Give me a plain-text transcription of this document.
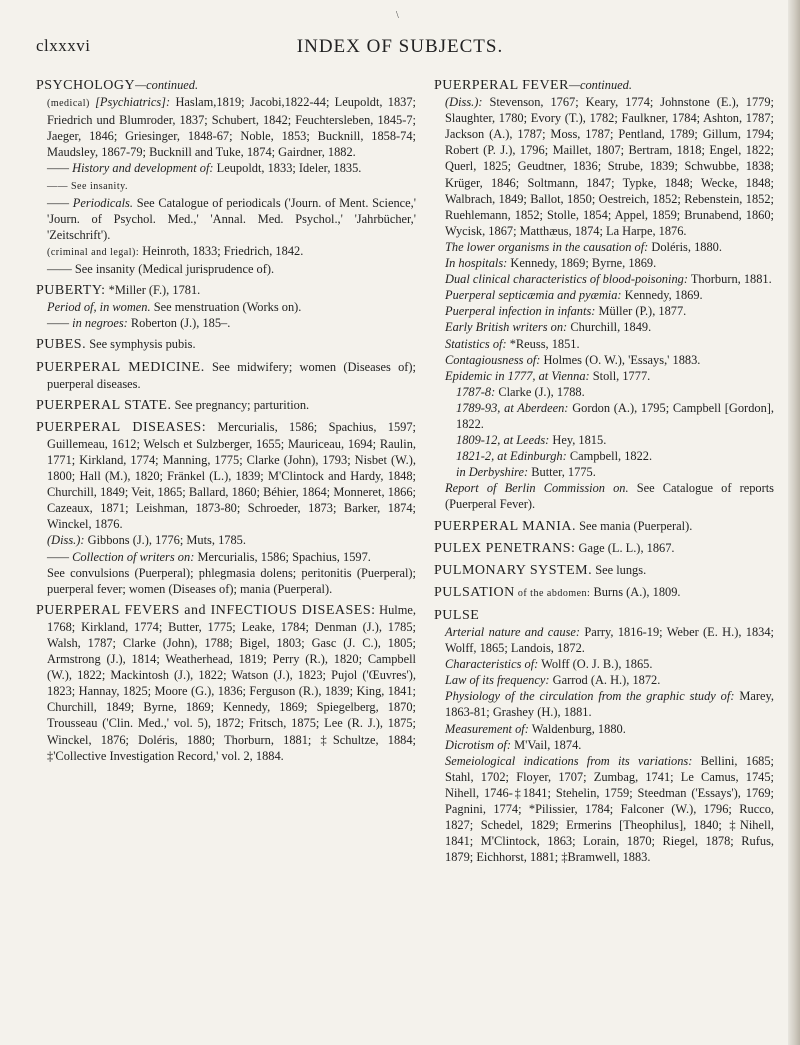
\
clxxxvi	INDEX OF SUBJECTS.

PSYCHOLOGY—continued.

(medical) [Psychiatrics]: Haslam,1819; Jacobi,1822-44; Leupoldt, 1837; Friedrich und Blumroder, 1837; Schubert, 1842; Feuchtersleben, 1845-7; Jaeger, 1846; Griesinger, 1848-67; Noble, 1853; Bucknill, 1858-74; Maudsley, 1867-79; Bucknill and Tuke, 1874; Gairdner, 1882.

—— History and development of: Leupoldt, 1833; Ideler, 1835.

—— See insanity.

—— Periodicals. See Catalogue of periodicals ('Journ. of Ment. Science,' 'Journ. of Psychol. Med.,' 'Annal. Med. Psychol.,' 'Jahrbücher,' 'Zeitschrift').

(criminal and legal): Heinroth, 1833; Friedrich, 1842.

—— See insanity (Medical jurisprudence of).

PUBERTY: *Miller (F.), 1781.

Period of, in women. See menstruation (Works on).

—— in negroes: Roberton (J.), 185–.

PUBES. See symphysis pubis.

PUERPERAL MEDICINE. See midwifery; women (Diseases of); puerperal diseases.

PUERPERAL STATE. See pregnancy; parturition.

PUERPERAL DISEASES: Mercurialis, 1586; Spachius, 1597; Guillemeau, 1612; Welsch et Sulzberger, 1655; Mauriceau, 1694; Raulin, 1771; Kirkland, 1774; Manning, 1775; Clarke (John), 1793; Nisbet (W.), 1800; Hall (M.), 1820; Fränkel (L.), 1839; M'Clintock and Hardy, 1848; Churchill, 1849; Veit, 1865; Ballard, 1860; Béhier, 1864; Monneret, 1866; Cazeaux, 1871; Leishman, 1873-80; Schroeder, 1873; Barker, 1874; Winckel, 1876.

(Diss.): Gibbons (J.), 1776; Muts, 1785.

—— Collection of writers on: Mercurialis, 1586; Spachius, 1597.

See convulsions (Puerperal); phlegmasia dolens; peritonitis (Puerperal); puerperal fever; women (Diseases of); mania (Puerperal).

PUERPERAL FEVERS and INFECTIOUS DISEASES: Hulme, 1768; Kirkland, 1774; Butter, 1775; Leake, 1784; Denman (J.), 1785; Walsh, 1787; Clarke (John), 1788; Bigel, 1803; Gasc (J. C.), 1805; Armstrong (J.), 1814; Weatherhead, 1819; Perry (R.), 1820; Campbell (W.), 1822; Mackintosh (J.), 1822; Watson (J.), 1823; Pujol ('Œuvres'), 1823; Hannay, 1825; Moore (G.), 1836; Ferguson (R.), 1839; King, 1841; Churchill, 1849; Byrne, 1869; Kennedy, 1869; Spiegelberg, 1870; Trousseau ('Clin. Med.,' vol. 5), 1872; Fritsch, 1875; Lee (R. J.), 1875; Winckel, 1876; Doléris, 1880; Thorburn, 1881; ‡Schultze, 1884; ‡'Collective Investigation Record,' vol. 2, 1884.

PUERPERAL FEVER—continued.

(Diss.): Stevenson, 1767; Keary, 1774; Johnstone (E.), 1779; Slaughter, 1780; Evory (T.), 1782; Faulkner, 1784; Ashton, 1787; Jackson (A.), 1787; Moss, 1787; Pentland, 1789; Gillum, 1794; Robert (P. J.), 1796; Maillet, 1807; Bertram, 1818; Engel, 1822; Querl, 1825; Geudtner, 1836; Strube, 1839; Schwubbe, 1838; Krüger, 1846; Soltmann, 1847; Typke, 1848; Wecke, 1848; Walbrach, 1849; Ballot, 1850; Oestreich, 1852; Rebenstein, 1852; Ruehlemann, 1852; Stolle, 1854; Appel, 1859; Brunabend, 1860; Wycisk, 1867; Matthæus, 1874; La Harpe, 1876.

The lower organisms in the causation of: Doléris, 1880.

In hospitals: Kennedy, 1869; Byrne, 1869.

Dual clinical characteristics of blood-poisoning: Thorburn, 1881.

Puerperal septicæmia and pyæmia: Kennedy, 1869.

Puerperal infection in infants: Müller (P.), 1877.

Early British writers on: Churchill, 1849.

Statistics of: *Reuss, 1851.

Contagiousness of: Holmes (O. W.), 'Essays,' 1883.

Epidemic in 1777, at Vienna: Stoll, 1777.

1787-8: Clarke (J.), 1788.

1789-93, at Aberdeen: Gordon (A.), 1795; Campbell [Gordon], 1822.

1809-12, at Leeds: Hey, 1815.

1821-2, at Edinburgh: Campbell, 1822.

in Derbyshire: Butter, 1775.

Report of Berlin Commission on. See Catalogue of reports (Puerperal Fever).

PUERPERAL MANIA. See mania (Puerperal).

PULEX PENETRANS: Gage (L. L.), 1867.

PULMONARY SYSTEM. See lungs.

PULSATION of the abdomen: Burns (A.), 1809.

PULSE

Arterial nature and cause: Parry, 1816-19; Weber (E. H.), 1834; Wolff, 1865; Landois, 1872.

Characteristics of: Wolff (O. J. B.), 1865.

Law of its frequency: Garrod (A. H.), 1872.

Physiology of the circulation from the graphic study of: Marey, 1863-81; Grashey (H.), 1881.

Measurement of: Waldenburg, 1880.

Dicrotism of: M'Vail, 1874.

Semeiological indications from its variations: Bellini, 1685; Stahl, 1702; Floyer, 1707; Zumbag, 1741; Le Camus, 1745; Nihell, 1746-‡1841; Stehelin, 1759; Steedman ('Essays'), 1769; Pagnini, 1774; *Pilissier, 1784; Falconer (W.), 1796; Rucco, 1827; Schedel, 1829; Ermerins [Theophilus], 1840; ‡Nihell, 1841; M'Clintock, 1863; Lorain, 1870; Riegel, 1878; Rufus, 1879; Eichhorst, 1881; ‡Bramwell, 1883.
